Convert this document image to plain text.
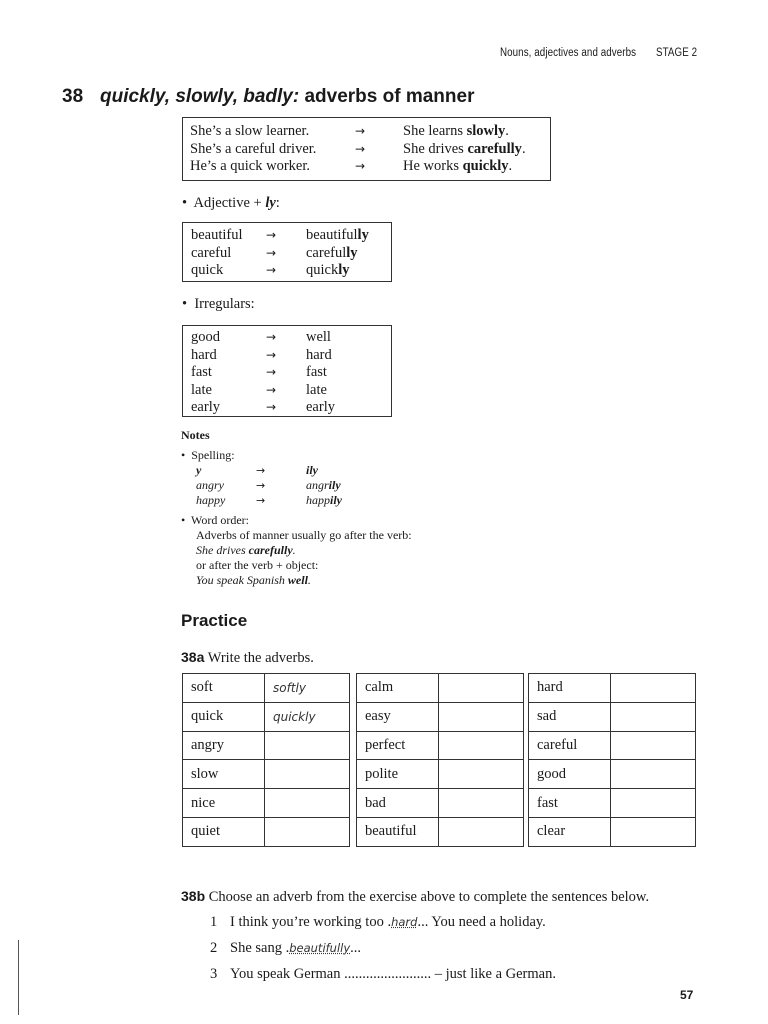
Nouns, adjectives and adverbs STAGE 2
38 quickly, slowly, badly: adverbs of manner
She’s a slow learner.	→	She learns slowly.
She’s a careful driver.	→	She drives carefully.
He’s a quick worker.	→	He works quickly.
• Adjective + ly:
beautiful	→	beautifully
careful	→	carefully
quick	→	quickly
• Irregulars:
good	→	well
hard	→	hard
fast	→	fast
late	→	late
early	→	early
Notes
•  Spelling:
y	→	ily
angry	→	angrily
happy	→	happily
•  Word order:
Adverbs of manner usually go after the verb:
She drives carefully.
or after the verb + object:
You speak Spanish well.
Practice
38a Write the adverbs.
soft	softly
quick	quickly
angry	
slow	
nice	
quiet	
calm	
easy	
perfect	
polite	
bad	
beautiful	
hard	
sad	
careful	
good	
fast	
clear	
38b Choose an adverb from the exercise above to complete the sentences below.
1 I think you’re working too .hard... You need a holiday.
2 She sang .beautifully...
3 You speak German ........................ – just like a German.
57
